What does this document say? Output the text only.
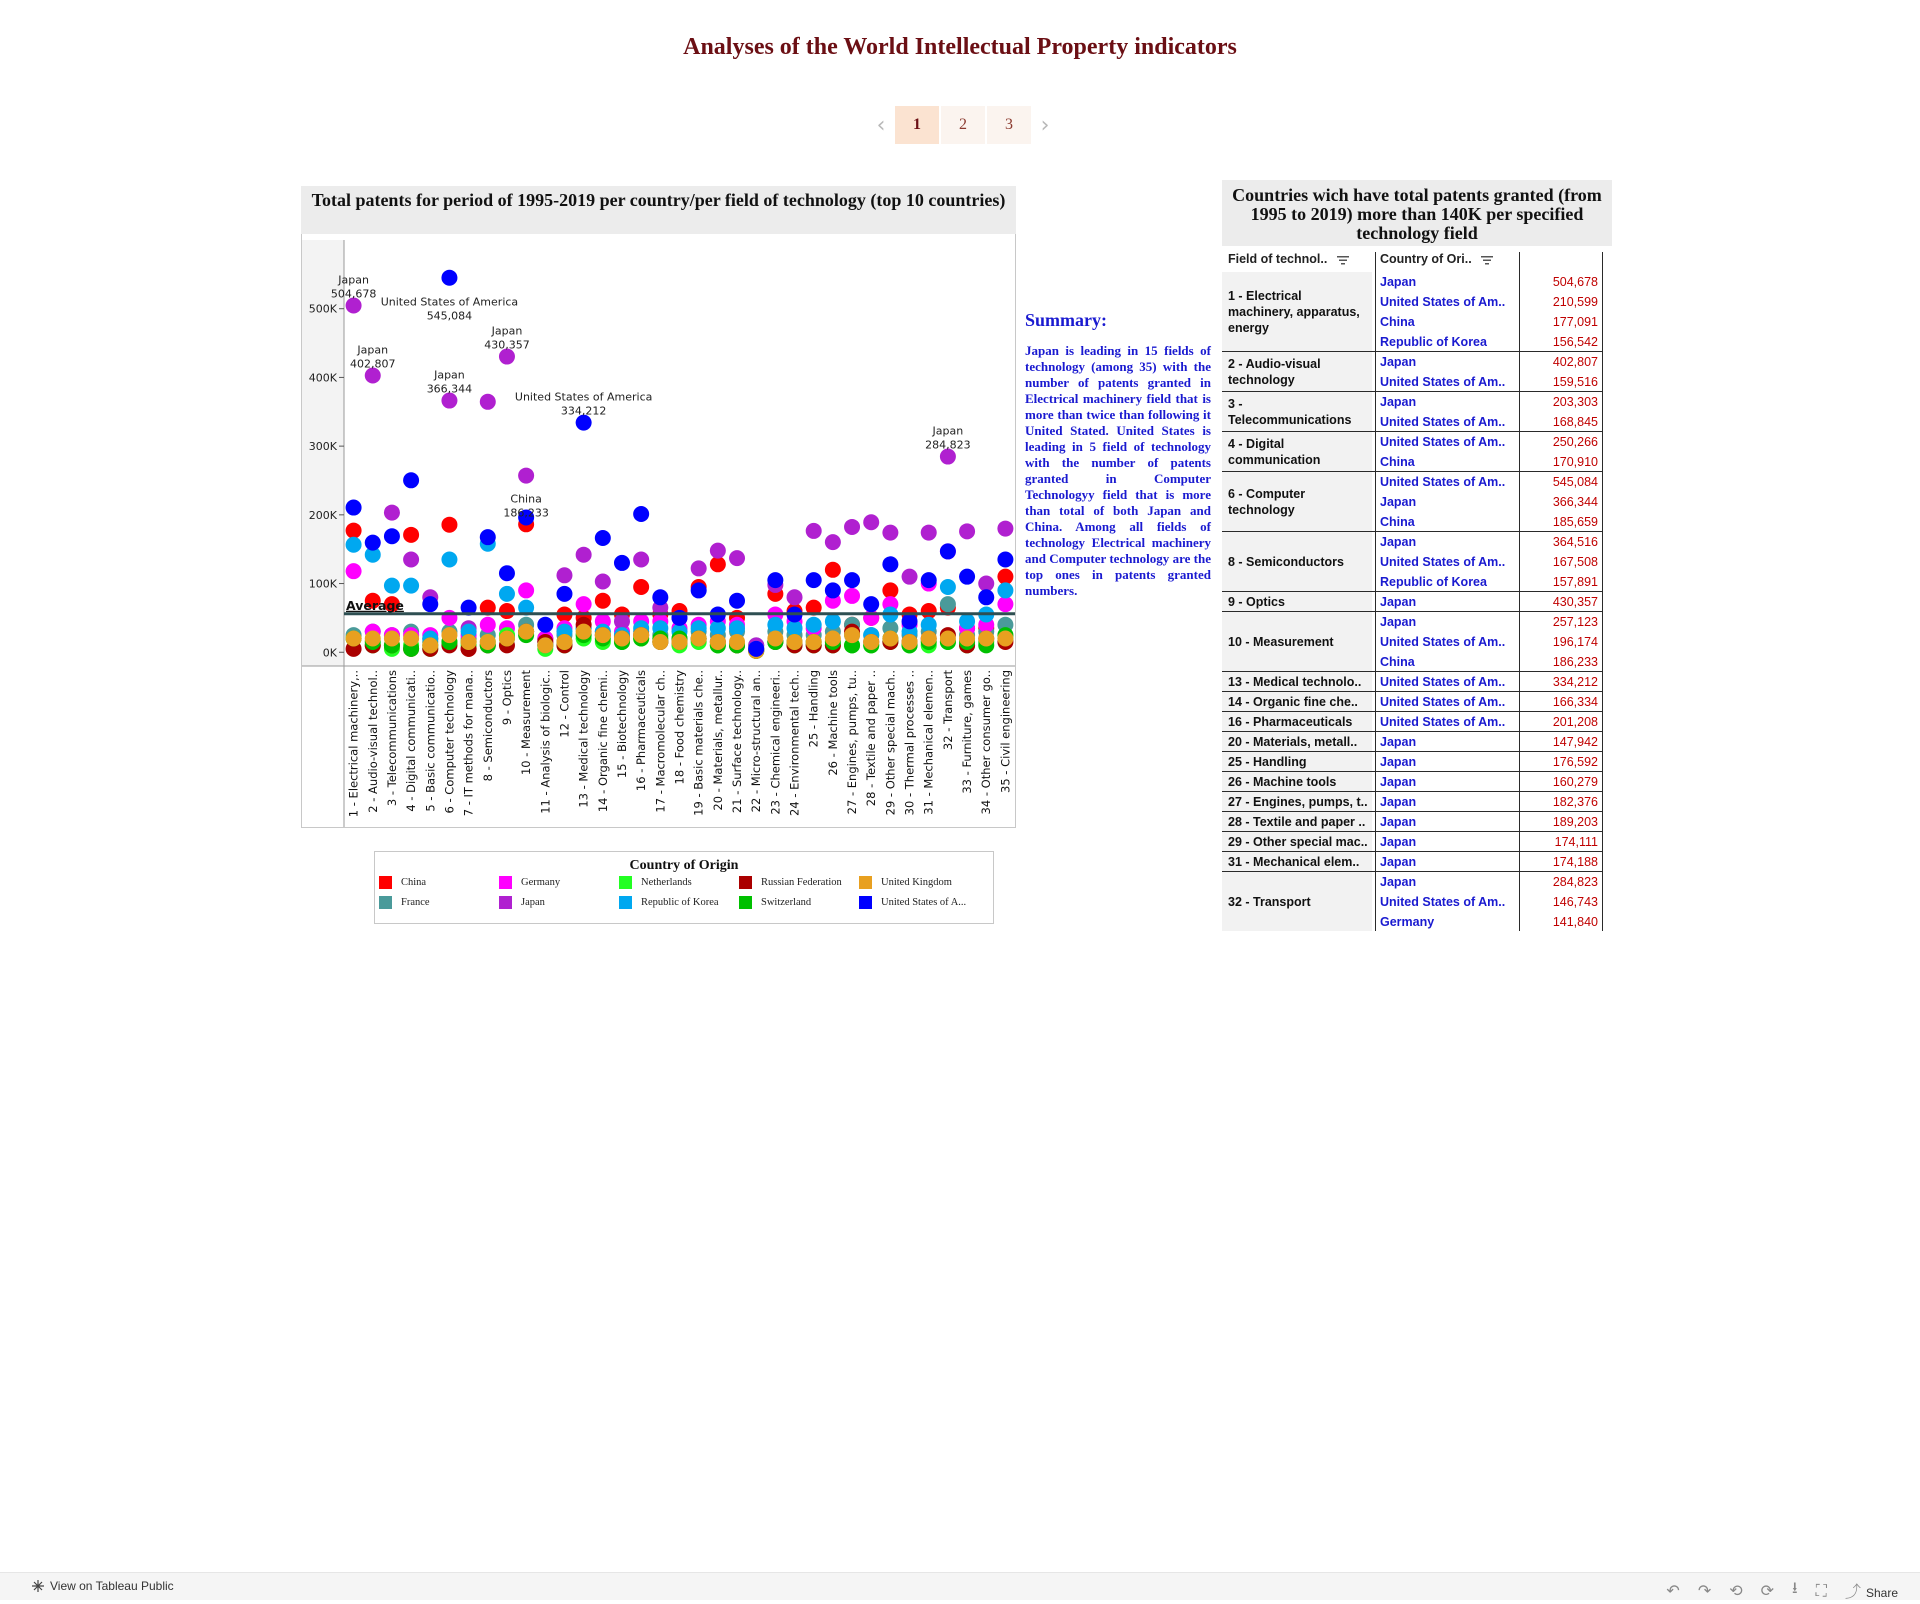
Analyses of the World Intellectual Property indicators
‹	1	2	3	›
Total patents for period of 1995-2019 per country/per field of technology (top 10 countries)
0K
100K
200K
300K
400K
500K
Average
Japan
504,678
Japan
402,807
United States of America
545,084
Japan
366,344
Japan
430,357
China
186,233
United States of America
334,212
Japan
284,823
1 - Electrical machinery,.. 2 - Audio-visual technol.. 3 - Telecommunications 4 - Digital communicati.. 5 - Basic communicatio.. 6 - Computer technology 7 - IT methods for mana.. 8 - Semiconductors 9 - Optics 10 - Measurement 11 - Analysis of biologic.. 12 - Control 13 - Medical technology 14 - Organic fine chemi.. 15 - Biotechnology 16 - Pharmaceuticals 17 - Macromolecular ch.. 18 - Food chemistry 19 - Basic materials che.. 20 - Materials, metallur.. 21 - Surface technology.. 22 - Micro-structural an.. 23 - Chemical engineeri.. 24 - Environmental tech.. 25 - Handling 26 - Machine tools 27 - Engines, pumps, tu.. 28 - Textile and paper .. 29 - Other special mach.. 30 - Thermal processes .. 31 - Mechanical elemen.. 32 - Transport 33 - Furniture, games 34 - Other consumer go.. 35 - Civil engineering
Country of Origin
China	Germany	Netherlands	Russian Federation	United Kingdom
France	Japan	Republic of Korea	Switzerland	United States of A...
Summary:

Japan is leading in 15 fields of technology (among 35) with the number of patents granted in Electrical machinery field that is more than twice than following it United Stated. United States is leading in 5 field of technology with the number of patents granted in Computer Technologyy field that is more than total of both Japan and China. Among all fields of technology Electrical machinery and Computer technology are the top ones in patents granted numbers.

Countries wich have total patents granted (from 1995 to 2019) more than 140K per specified technology field
Field of technol..	Country of Ori..
1 - Electrical machinery, apparatus, energy
Japan	504,678
United States of Am..	210,599
China	177,091
Republic of Korea	156,542
2 - Audio-visual technology
Japan	402,807
United States of Am..	159,516
3 - Telecommunications
Japan	203,303
United States of Am..	168,845
4 - Digital communication
United States of Am..	250,266
China	170,910
6 - Computer technology
United States of Am..	545,084
Japan	366,344
China	185,659
8 - Semiconductors
Japan	364,516
United States of Am..	167,508
Republic of Korea	157,891
9 - Optics	Japan	430,357
10 - Measurement
Japan	257,123
United States of Am..	196,174
China	186,233
13 - Medical technolo..	United States of Am..	334,212
14 - Organic fine che..	United States of Am..	166,334
16 - Pharmaceuticals	United States of Am..	201,208
20 - Materials, metall..	Japan	147,942
25 - Handling	Japan	176,592
26 - Machine tools	Japan	160,279
27 - Engines, pumps, t.. Japan	182,376
28 - Textile and paper .. Japan	189,203
29 - Other special mac.. Japan	174,111
31 - Mechanical elem..	Japan	174,188
32 - Transport
Japan	284,823
United States of Am..	146,743
Germany	141,840
View on Tableau Public	↶ ↷ ⟲ ⟳ ⭳ ⛶ ⤴ Share
